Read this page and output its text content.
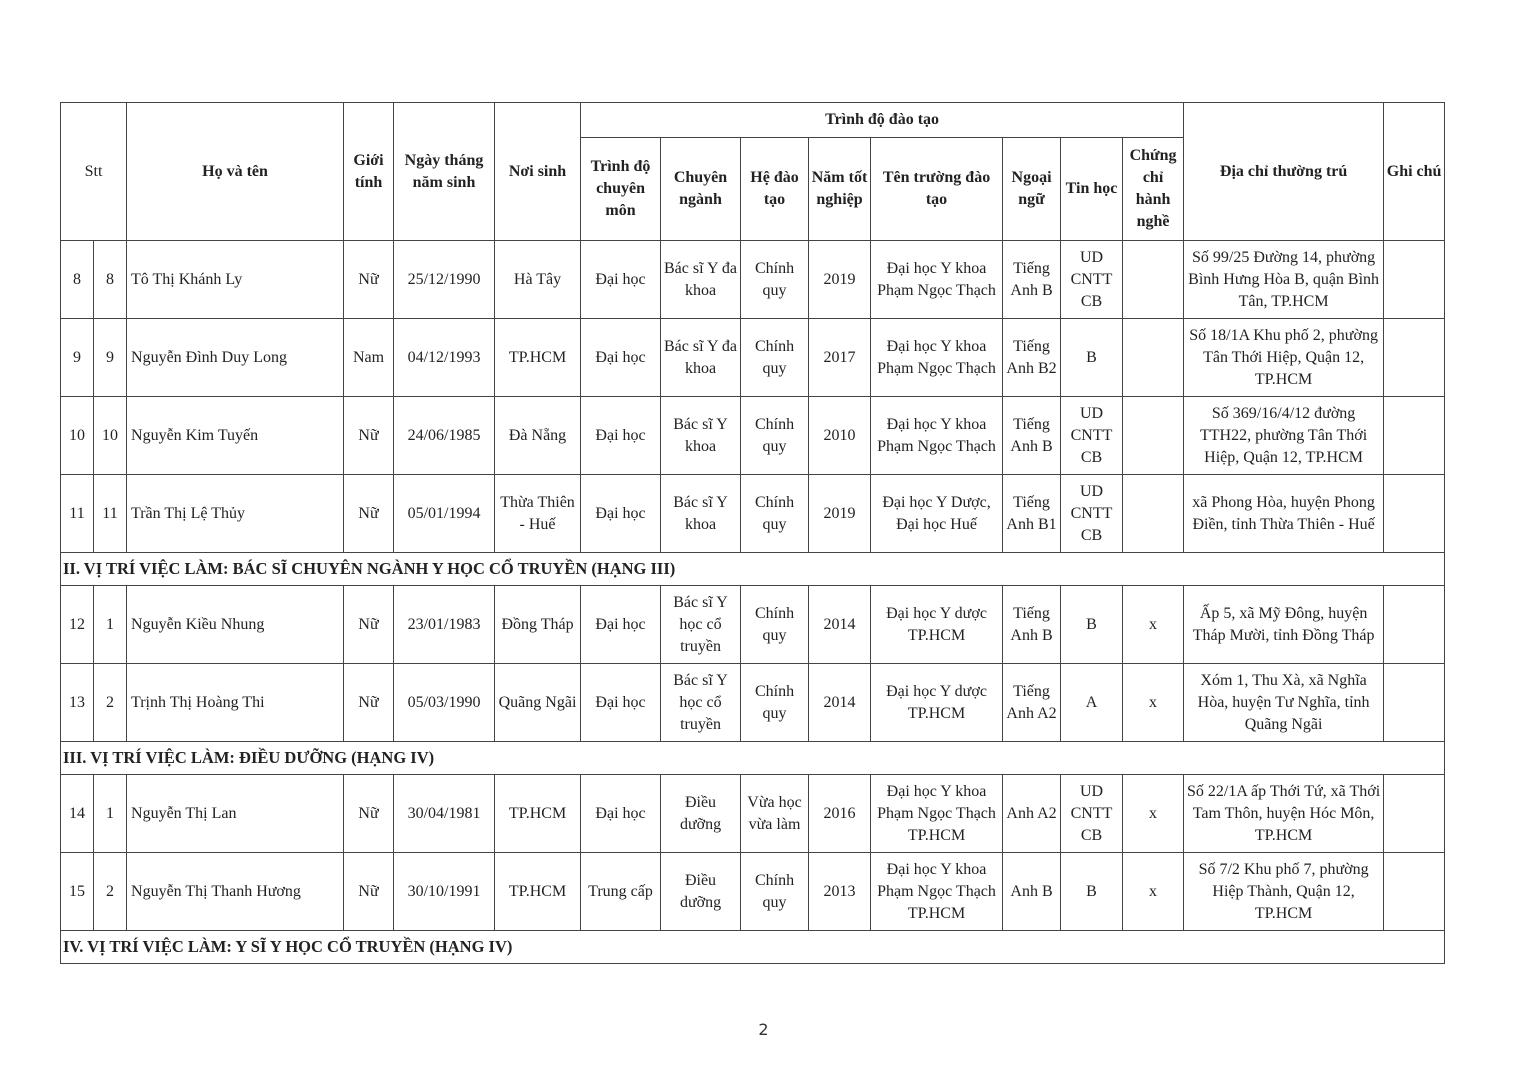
Stt		Họ và tên	Giới tính	Ngày tháng năm sinh	Nơi sinh	Trình độ đào tạo								Địa chỉ thường trú	Ghi chú
						Trình độ chuyên môn	Chuyên ngành	Hệ đào tạo	Năm tốt nghiệp	Tên trường đào tạo	Ngoại ngữ	Tin học	Chứng chỉ hành nghề		
8	8	Tô Thị Khánh Ly	Nữ	25/12/1990	Hà Tây	Đại học	Bác sĩ Y đa khoa	Chính quy	2019	Đại học Y khoa Phạm Ngọc Thạch	Tiếng Anh B	UD CNTT CB		Số 99/25 Đường 14, phường Bình Hưng Hòa B, quận Bình Tân, TP.HCM	
9	9	Nguyễn Đình Duy Long	Nam	04/12/1993	TP.HCM	Đại học	Bác sĩ Y đa khoa	Chính quy	2017	Đại học Y khoa Phạm Ngọc Thạch	Tiếng Anh B2	B		Số 18/1A Khu phố 2, phường Tân Thới Hiệp, Quận 12, TP.HCM	
10	10	Nguyễn Kim Tuyến	Nữ	24/06/1985	Đà Nẵng	Đại học	Bác sĩ Y khoa	Chính quy	2010	Đại học Y khoa Phạm Ngọc Thạch	Tiếng Anh B	UD CNTT CB		Số 369/16/4/12 đường TTH22, phường Tân Thới Hiệp, Quận 12, TP.HCM	
11	11	Trần Thị Lệ Thủy	Nữ	05/01/1994	Thừa Thiên - Huế	Đại học	Bác sĩ Y khoa	Chính quy	2019	Đại học Y Dược, Đại học Huế	Tiếng Anh B1	UD CNTT CB		xã Phong Hòa, huyện Phong Điền, tỉnh Thừa Thiên - Huế	
II. VỊ TRÍ VIỆC LÀM: BÁC SĨ CHUYÊN NGÀNH Y HỌC CỔ TRUYỀN (HẠNG III)															
12	1	Nguyễn Kiều Nhung	Nữ	23/01/1983	Đồng Tháp	Đại học	Bác sĩ Y học cổ truyền	Chính quy	2014	Đại học Y dược TP.HCM	Tiếng Anh B	B	x	Ấp 5, xã Mỹ Đông, huyện Tháp Mười, tỉnh Đồng Tháp	
13	2	Trịnh Thị Hoàng Thi	Nữ	05/03/1990	Quãng Ngãi	Đại học	Bác sĩ Y học cổ truyền	Chính quy	2014	Đại học Y dược TP.HCM	Tiếng Anh A2	A	x	Xóm 1, Thu Xà, xã Nghĩa Hòa, huyện Tư Nghĩa, tỉnh Quãng Ngãi	
III. VỊ TRÍ VIỆC LÀM: ĐIỀU DƯỠNG (HẠNG IV)															
14	1	Nguyễn Thị Lan	Nữ	30/04/1981	TP.HCM	Đại học	Điều dưỡng	Vừa học vừa làm	2016	Đại học Y khoa Phạm Ngọc Thạch TP.HCM	Anh A2	UD CNTT CB	x	Số 22/1A ấp Thới Tứ, xã Thới Tam Thôn, huyện Hóc Môn, TP.HCM	
15	2	Nguyễn Thị Thanh Hương	Nữ	30/10/1991	TP.HCM	Trung cấp	Điều dưỡng	Chính quy	2013	Đại học Y khoa Phạm Ngọc Thạch TP.HCM	Anh B	B	x	Số 7/2 Khu phố 7, phường Hiệp Thành, Quận 12, TP.HCM	
IV. VỊ TRÍ VIỆC LÀM: Y SĨ Y HỌC CỔ TRUYỀN (HẠNG IV)															
2
